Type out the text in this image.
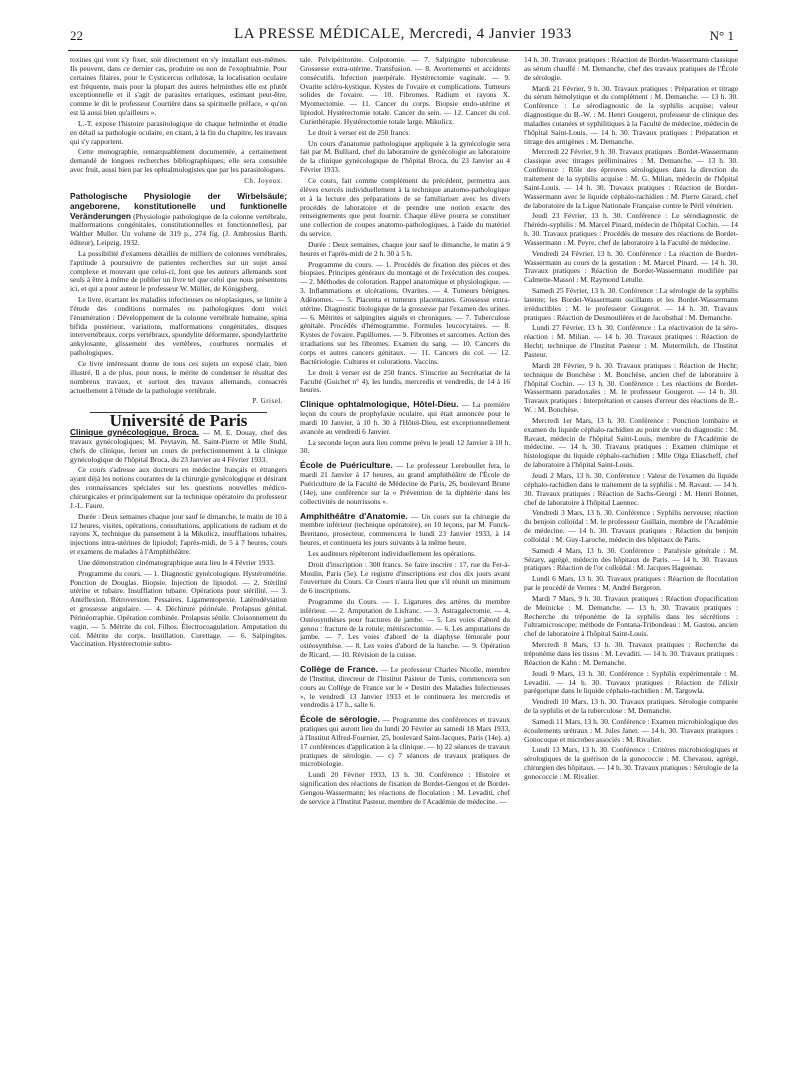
22	LA PRESSE MÉDICALE, Mercredi, 4 Janvier 1933	N° 1

toxines qui vont s'y fixer, soit directement en s'y installant eux-mêmes. Ils peuvent, dans ce dernier cas, produire ou non de l'exophtalmie. Pour certaines filaires, pour le Cysticercus cellulosæ, la localisation oculaire est fréquente, mais pour la plupart des autres helminthes elle est plutôt exceptionnelle et il s'agit de parasites erratiques, estimant peut-être, comme le dit le professeur Courtière dans sa spirituelle préface, « qu'on est là aussi bien qu'ailleurs ».

L.-T. expose l'histoire parasitologique de chaque helminthe et étudie en détail sa pathologie oculaire, en citant, à la fin du chapitre, les travaux qui s'y rapportent.

Cette monographie, remarquablement documentée, a certainement demandé de longues recherches bibliographiques; elle sera consultée avec fruit, aussi bien par les ophtalmologistes que par les parasitologues.

Ch. Joyeux.

Pathologische Physiologie der Wirbelsäule; angeborene, konstitutionelle und funktionelle Veränderungen (Physiologie pathologique de la colonne vertébrale, malformations congénitales, constitutionnelles et fonctionnelles), par Walther Muller. Un volume de 319 p., 274 fig. (J. Ambrosius Barth, éditeur), Leipzig, 1932.

La possibilité d'examens détaillés de milliers de colonnes vertébrales, l'aptitude à poursuivre de patientes recherches sur un sujet aussi complexe et mouvant que celui-ci, font que les auteurs allemands sont seuls à être à même de publier un livre tel que celui que nous présentons ici, et qui a pour auteur le professeur W. Müller, de Königsberg.

Le livre, écartant les maladies infectieuses ou néoplasiques, se limite à l'étude des conditions normales ou pathologiques dont voici l'énumération : Développement de la colonne vertébrale humaine, spina bifida postérieur, variations, malformations congénitales, disques intervertébraux, corps vertébraux, spondylite déformante, spondylarthrite ankylosante, glissement des vertèbres, courbures normales et pathologiques.

Ce livre intéressant donne de tous ces sujets un exposé clair, bien illustré. Il a de plus, pour nous, le mérite de condenser le résultat des nombreux travaux, et surtout des travaux allemands, consacrés actuellement à l'étude de la pathologie vertébrale.

P. Grisel.

Université de Paris

Clinique gynécologique, Broca. — M. E. Douay, chef des travaux gynécologiques; M. Peytavin, M. Saint-Pierre et Mlle Stuhl, chefs de clinique, feront un cours de perfectionnement à la clinique gynécologique de l'hôpital Broca, du 23 Janvier au 4 Février 1933.

Ce cours s'adresse aux docteurs en médecine français et étrangers ayant déjà les notions courantes de la chirurgie gynécologique et désirant des connaissances spéciales sur les questions nouvelles médico-chirurgicales et principalement sur la technique opératoire du professeur J.-L. Faure.

Durée : Deux semaines chaque jour sauf le dimanche, le matin de 10 à 12 heures, visites, opérations, consultations, applications de radium et de rayons X, technique du pansement à la Mikulicz, insufflations tubaires, injections intra-utérines de lipiodol; l'après-midi, de 5 à 7 heures, cours et examens de malades à l'Amphithéâtre.

Une démonstration cinématographique aura lieu le 4 Février 1933.

Programme du cours. — 1. Diagnostic gynécologique. Hystérométrie. Ponction de Douglas. Biopsie. Injection de lipiodol. — 2. Stérilité utérine et tubaire. Insufflation tubaire. Opérations pour stérilité. — 3. Antéflexion. Rétroversion. Pessaires. Ligamentopexie. Latérodéviation et grossesse angulaire. — 4. Déchirure périnéale. Prolapsus génital. Périnéorraphie. Opération combinée. Prolapsus sénile. Cloisonnement du vagin. — 5. Métrite du col. Filhos. Électrocoagulation. Amputation du col. Métrite du corps. Instillation. Curettage. — 6. Salpingites. Vaccination. Hystérectomie subto-

tale. Pelvipéritonite. Colpotomie. — 7. Salpingite tuberculeuse. Grossesse extra-utérine. Transfusion. — 8. Avortements et accidents consécutifs. Infection puerpérale. Hystérectomie vaginale. — 9. Ovarite scléro-kystique. Kystes de l'ovaire et complications. Tumeurs solides de l'ovaire. — 10. Fibromes. Radium et rayons X. Myomectomie. — 11. Cancer du corps. Biopsie endo-utérine et lipiodol. Hystérectomie totale. Cancer du sein. — 12. Cancer du col. Curiethérapie. Hystérectomie totale large. Mikulicz.

Le droit à verser est de 250 francs.

Un cours d'anatomie pathologique appliquée à la gynécologie sera fait par M. Bulliard, chef du laboratoire de gynécologie au laboratoire de la clinique gynécologique de l'hôpital Broca, du 23 Janvier au 4 Février 1933.

Ce cours, fait comme complément du précédent, permettra aux élèves exercés individuellement à la technique anatomo-pathologique et à la lecture des préparations de se familiariser avec les divers procédés de laboratoire et de prendre une notion exacte des renseignements que peut fournir. Chaque élève pourra se constituer une collection de coupes anatomo-pathologiques, à l'aide du matériel du service.

Durée : Deux semaines, chaque jour sauf le dimanche, le matin à 9 heures et l'après-midi de 2 h. 30 à 5 h.

Programme du cours. — 1. Procédés de fixation des pièces et des biopsies. Principes généraux du montage et de l'exécution des coupes. — 2. Méthodes de coloration. Rappel anatomique et physiologique. — 3. Inflammations et ulcérations. Ovarites. — 4. Tumeurs bénignes. Adénomes. — 5. Placenta et tumeurs placentaires. Grossesse extra-utérine. Diagnostic biologique de la grossesse par l'examen des urines. — 6. Métrites et salpingites aiguës et chroniques. — 7. Tuberculose génitale. Procédés d'hémogramme. Formules leucocytaires. — 8. Kystes de l'ovaire. Papillomes. — 9. Fibromes et sarcomes. Action des irradiations sur les fibromes. Examen du sang. — 10. Cancers du corps et autres cancers génitaux. — 11. Cancers du col. — 12. Bactériologie. Cultures et colorations. Vaccins.

Le droit à verser est de 250 francs. S'inscrire au Secrétariat de la Faculté (Guichet n° 4), les lundis, mercredis et vendredis, de 14 à 16 heures.

Clinique ophtalmologique, Hôtel-Dieu. — La première leçon du cours de prophylaxie oculaire, qui était annoncée pour le mardi 10 Janvier, à 10 h. 30 à l'Hôtel-Dieu, est exceptionnellement avancée au vendredi 6 Janvier.

La seconde leçon aura lieu comme prévu le jeudi 12 Janvier à 10 h. 30.

École de Puériculture. — Le professeur Lereboullet fera, le mardi 21 Janvier à 17 heures, au grand amphithéâtre de l'École de Puériculture de la Faculté de Médecine de Paris, 26, boulevard Brune (14e), une conférence sur la « Prévention de la diphtérie dans les collectivités de nourrissons ».

Amphithéâtre d'Anatomie. — Un cours sur la chirurgie du membre inférieur (technique opératoire), en 10 leçons, par M. Funck-Brentano, prosecteur, commencera le lundi 23 Janvier 1933, à 14 heures, et continuera les jours suivants à la même heure.

Les auditeurs répéteront individuellement les opérations.

Droit d'inscription : 300 francs. Se faire inscrire : 17, rue du Fer-à-Moulin, Paris (5e). Le registre d'inscriptions est clos dix jours avant l'ouverture du Cours. Ce Cours n'aura lieu que s'il réunit un minimum de 6 inscriptions.

Programme du Cours. — 1. Ligatures des artères du membre inférieur. — 2. Amputation de Lisfranc. — 3. Astragalectomie. — 4. Ostéosynthèses pour fractures de jambe. — 5. Les voies d'abord du genou : fracture de la rotule; méniscectomie. — 6. Les amputations de jambe. — 7. Les voies d'abord de la diaphyse fémorale pour ostéosynthèse. — 8. Les voies d'abord de la hanche. — 9. Opération de Ricard. — 10. Révision de la cuisse.

Collège de France. — Le professeur Charles Nicolle, membre de l'Institut, directeur de l'Institut Pasteur de Tunis, commencera son cours au Collège de France sur le « Destin des Maladies Infectieuses », le vendredi 13 Janvier 1933 et le continuera les mercredis et vendredis à 17 h., salle 6.

École de sérologie. — Programme des conférences et travaux pratiques qui auront lieu du lundi 20 Février au samedi 18 Mars 1933, à l'Institut Alfred-Fournier, 25, boulevard Saint-Jacques, Paris (14e). a) 17 conférences d'application à la clinique. — b) 22 séances de travaux pratiques de sérologie. — c) 7 séances de travaux pratiques de microbiologie.

Lundi 20 Février 1933, 13 h. 30. Conférence : Histoire et signification des réactions de fixation de Bordet-Gengou et de Bordet-Gengou-Wassermann; les réactions de floculation : M. Levaditi, chef de service à l'Institut Pasteur, membre de l'Académie de médecine. —

14 h. 30. Travaux pratiques : Réaction de Bordet-Wassermann classique au sérum chauffé : M. Demanche, chef des travaux pratiques de l'École de sérologie.

Mardi 21 Février, 9 h. 30. Travaux pratiques : Préparation et titrage du sérum hémolytique et du complément : M. Demanche. — 13 h. 30. Conférence : Le sérodiagnostic de la syphilis acquise; valeur diagnostique du B.-W. : M. Henri Gougerot, professeur de clinique des maladies cutanées et syphilitiques à la Faculté de médecine, médecin de l'hôpital Saint-Louis. — 14 h. 30. Travaux pratiques : Préparation et titrage des antigènes : M. Demanche.

Mercredi 22 Février, 9 h. 30. Travaux pratiques : Bordet-Wassermann classique avec titrages préliminaires : M. Demanche. — 13 h. 30. Conférence : Rôle des épreuves sérologiques dans la direction du traitement de la syphilis acquise : M. G. Milian, médecin de l'hôpital Saint-Louis. — 14 h. 30. Travaux pratiques : Réaction de Bordet-Wassermann avec le liquide céphalo-rachidien : M. Pierre Girard, chef de laboratoire de la Ligue Nationale Française contre le Péril vénérien.

Jeudi 23 Février, 13 h. 30. Conférence : Le sérodiagnostic de l'hérédo-syphilis : M. Marcel Pinard, médecin de l'hôpital Cochin. — 14 h. 30. Travaux pratiques : Procédés de mesure des réactions de Bordet-Wassermann : M. Peyre, chef de laboratoire à la Faculté de médecine.

Vendredi 24 Février, 13 h. 30. Conférence : La réaction de Bordet-Wassermann au cours de la gestation : M. Marcel Pinard. — 14 h. 30. Travaux pratiques : Réaction de Bordet-Wassermann modifiée par Calmette-Massol : M. Raymond Letulle.

Samedi 25 Février, 13 h. 30. Conférence : La sérologie de la syphilis latente; les Bordet-Wassermann oscillants et les Bordet-Wassermann irréductibles : M. le professeur Gougerot. — 14 h. 30. Travaux pratiques : Réaction de Desmoulières et de Jacobsthal : M. Demanche.

Lundi 27 Février, 13 h. 30. Conférence : La réactivation de la séro-réaction : M. Milian. — 14 h. 30. Travaux pratiques : Réaction de Hecht; technique de l'Institut Pasteur : M. Mutermilch, de l'Institut Pasteur.

Mardi 28 Février, 9 h. 30. Travaux pratiques : Réaction de Hecht; technique de Bonchèse : M. Bonchèse, ancien chef de laboratoire à l'hôpital Cochin. — 13 h. 30. Conférence : Les réactions de Bordet-Wassermann paradoxales : M. le professeur Gougerot. — 14 h. 30. Travaux pratiques : Interprétation et causes d'erreur des réactions de B.-W. : M. Bonchèse.

Mercredi 1er Mars, 13 h. 30. Conférence : Ponction lombaire et examen du liquide céphalo-rachidien au point de vue du diagnostic : M. Ravaut, médecin de l'hôpital Saint-Louis, membre de l'Académie de médecine. — 14 h. 30. Travaux pratiques : Examen chimique et histologique du liquide céphalo-rachidien : Mlle Olga Eliascheff, chef de laboratoire à l'hôpital Saint-Louis.

Jeudi 2 Mars, 13 h. 30. Conférence : Valeur de l'examen du liquide céphalo-rachidien dans le traitement de la syphilis : M. Ravaut. — 14 h. 30. Travaux pratiques : Réaction de Sachs-Georgi : M. Henri Bonnet, chef de laboratoire à l'hôpital Laennec.

Vendredi 3 Mars, 13 h. 30. Conférence : Syphilis nerveuse; réaction du benjoin colloïdal : M. le professeur Guillain, membre de l'Académie de médecine. — 14 h. 30. Travaux pratiques : Réaction du benjoin colloïdal : M. Guy-Laroche, médecin des hôpitaux de Paris.

Samedi 4 Mars, 13 h. 30. Conférence : Paralysie générale : M. Sézary, agrégé, médecin des hôpitaux de Paris. — 14 h. 30. Travaux pratiques : Réaction de l'or colloïdal : M. Jacques Haguenau.

Lundi 6 Mars, 13 h. 30. Travaux pratiques : Réaction de floculation par le procédé de Vernes : M. André Bergeron.

Mardi 7 Mars, 9 h. 30. Travaux pratiques : Réaction d'opacification de Meinicke : M. Demanche. — 13 h. 30. Travaux pratiques : Recherche du tréponème de la syphilis dans les sécrétions : l'ultramicroscope; méthode de Fontana-Tribondeau : M. Gastou, ancien chef de laboratoire à l'hôpital Saint-Louis.

Mercredi 8 Mars, 13 h. 30. Travaux pratiques : Recherche du tréponème dans les tissus : M. Levaditi. — 14 h. 30. Travaux pratiques : Réaction de Kahn : M. Demanche.

Jeudi 9 Mars, 13 h. 30. Conférence : Syphilis expérimentale : M. Levaditi. — 14 h. 30. Travaux pratiques : Réaction de l'élixir parégorique dans le liquide céphalo-rachidien : M. Targowla.

Vendredi 10 Mars, 13 h. 30. Travaux pratiques. Sérologie comparée de la syphilis et de la tuberculose : M. Demanche.

Samedi 11 Mars, 13 h. 30. Conférence : Examen microbiologique des écoulements urétraux : M. Jules Janet. — 14 h. 30. Travaux pratiques : Gonocoque et microbes associés : M. Rivalier.

Lundi 13 Mars, 13 h. 30. Conférence : Critères microbiologiques et sérologiques de la guérison de la gonococcie : M. Chevassu, agrégé, chirurgien des hôpitaux. — 14 h. 30. Travaux pratiques : Sérologie de la gonococcie : M. Rivalier.
